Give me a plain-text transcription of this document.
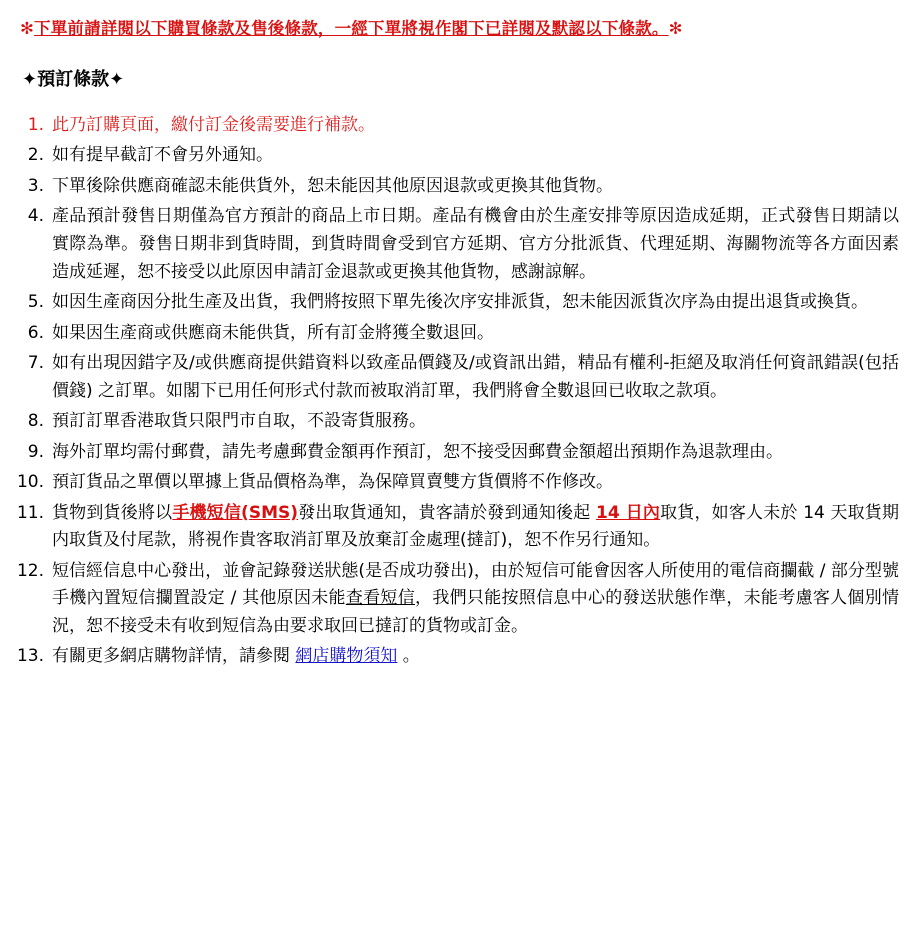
✻下單前請詳閱以下購買條款及售後條款，一經下單將視作閣下已詳閱及默認以下條款。✻
✦預訂條款✦
1. 此乃訂購頁面，繳付訂金後需要進行補款。
2. 如有提早截訂不會另外通知。
3. 下單後除供應商確認未能供貨外，恕未能因其他原因退款或更換其他貨物。
4. 產品預計發售日期僅為官方預計的商品上市日期。產品有機會由於生產安排等原因造成延期，正式發售日期請以實際為準。發售日期非到貨時間，到貨時間會受到官方延期、官方分批派貨、代理延期、海關物流等各方面因素造成延遲，恕不接受以此原因申請訂金退款或更換其他貨物，感謝諒解。
5. 如因生產商因分批生產及出貨，我們將按照下單先後次序安排派貨，恕未能因派貨次序為由提出退貨或換貨。
6. 如果因生產商或供應商未能供貨，所有訂金將獲全數退回。
7. 如有出現因錯字及/或供應商提供錯資料以致產品價錢及/或資訊出錯，精品有權利-拒絕及取消任何資訊錯誤(包括價錢) 之訂單。如閣下已用任何形式付款而被取消訂單，我們將會全數退回已收取之款項。
8. 預訂訂單香港取貨只限門市自取，不設寄貨服務。
9. 海外訂單均需付郵費，請先考慮郵費金額再作預訂，恕不接受因郵費金額超出預期作為退款理由。
10. 預訂貨品之單價以單據上貨品價格為準，為保障買賣雙方貨價將不作修改。
11. 貨物到貨後將以手機短信(SMS)發出取貨通知，貴客請於發到通知後起 14 日內取貨，如客人未於 14 天取貨期内取貨及付尾款，將視作貴客取消訂單及放棄訂金處理(撻訂)，恕不作另行通知。
12. 短信經信息中心發出，並會記錄發送狀態(是否成功發出)，由於短信可能會因客人所使用的電信商攔截 / 部分型號手機內置短信攔置設定 / 其他原因未能查看短信，我們只能按照信息中心的發送狀態作準，未能考慮客人個別情況，恕不接受未有收到短信為由要求取回已撻訂的貨物或訂金。
13. 有關更多網店購物詳情，請參閱 網店購物須知 。
